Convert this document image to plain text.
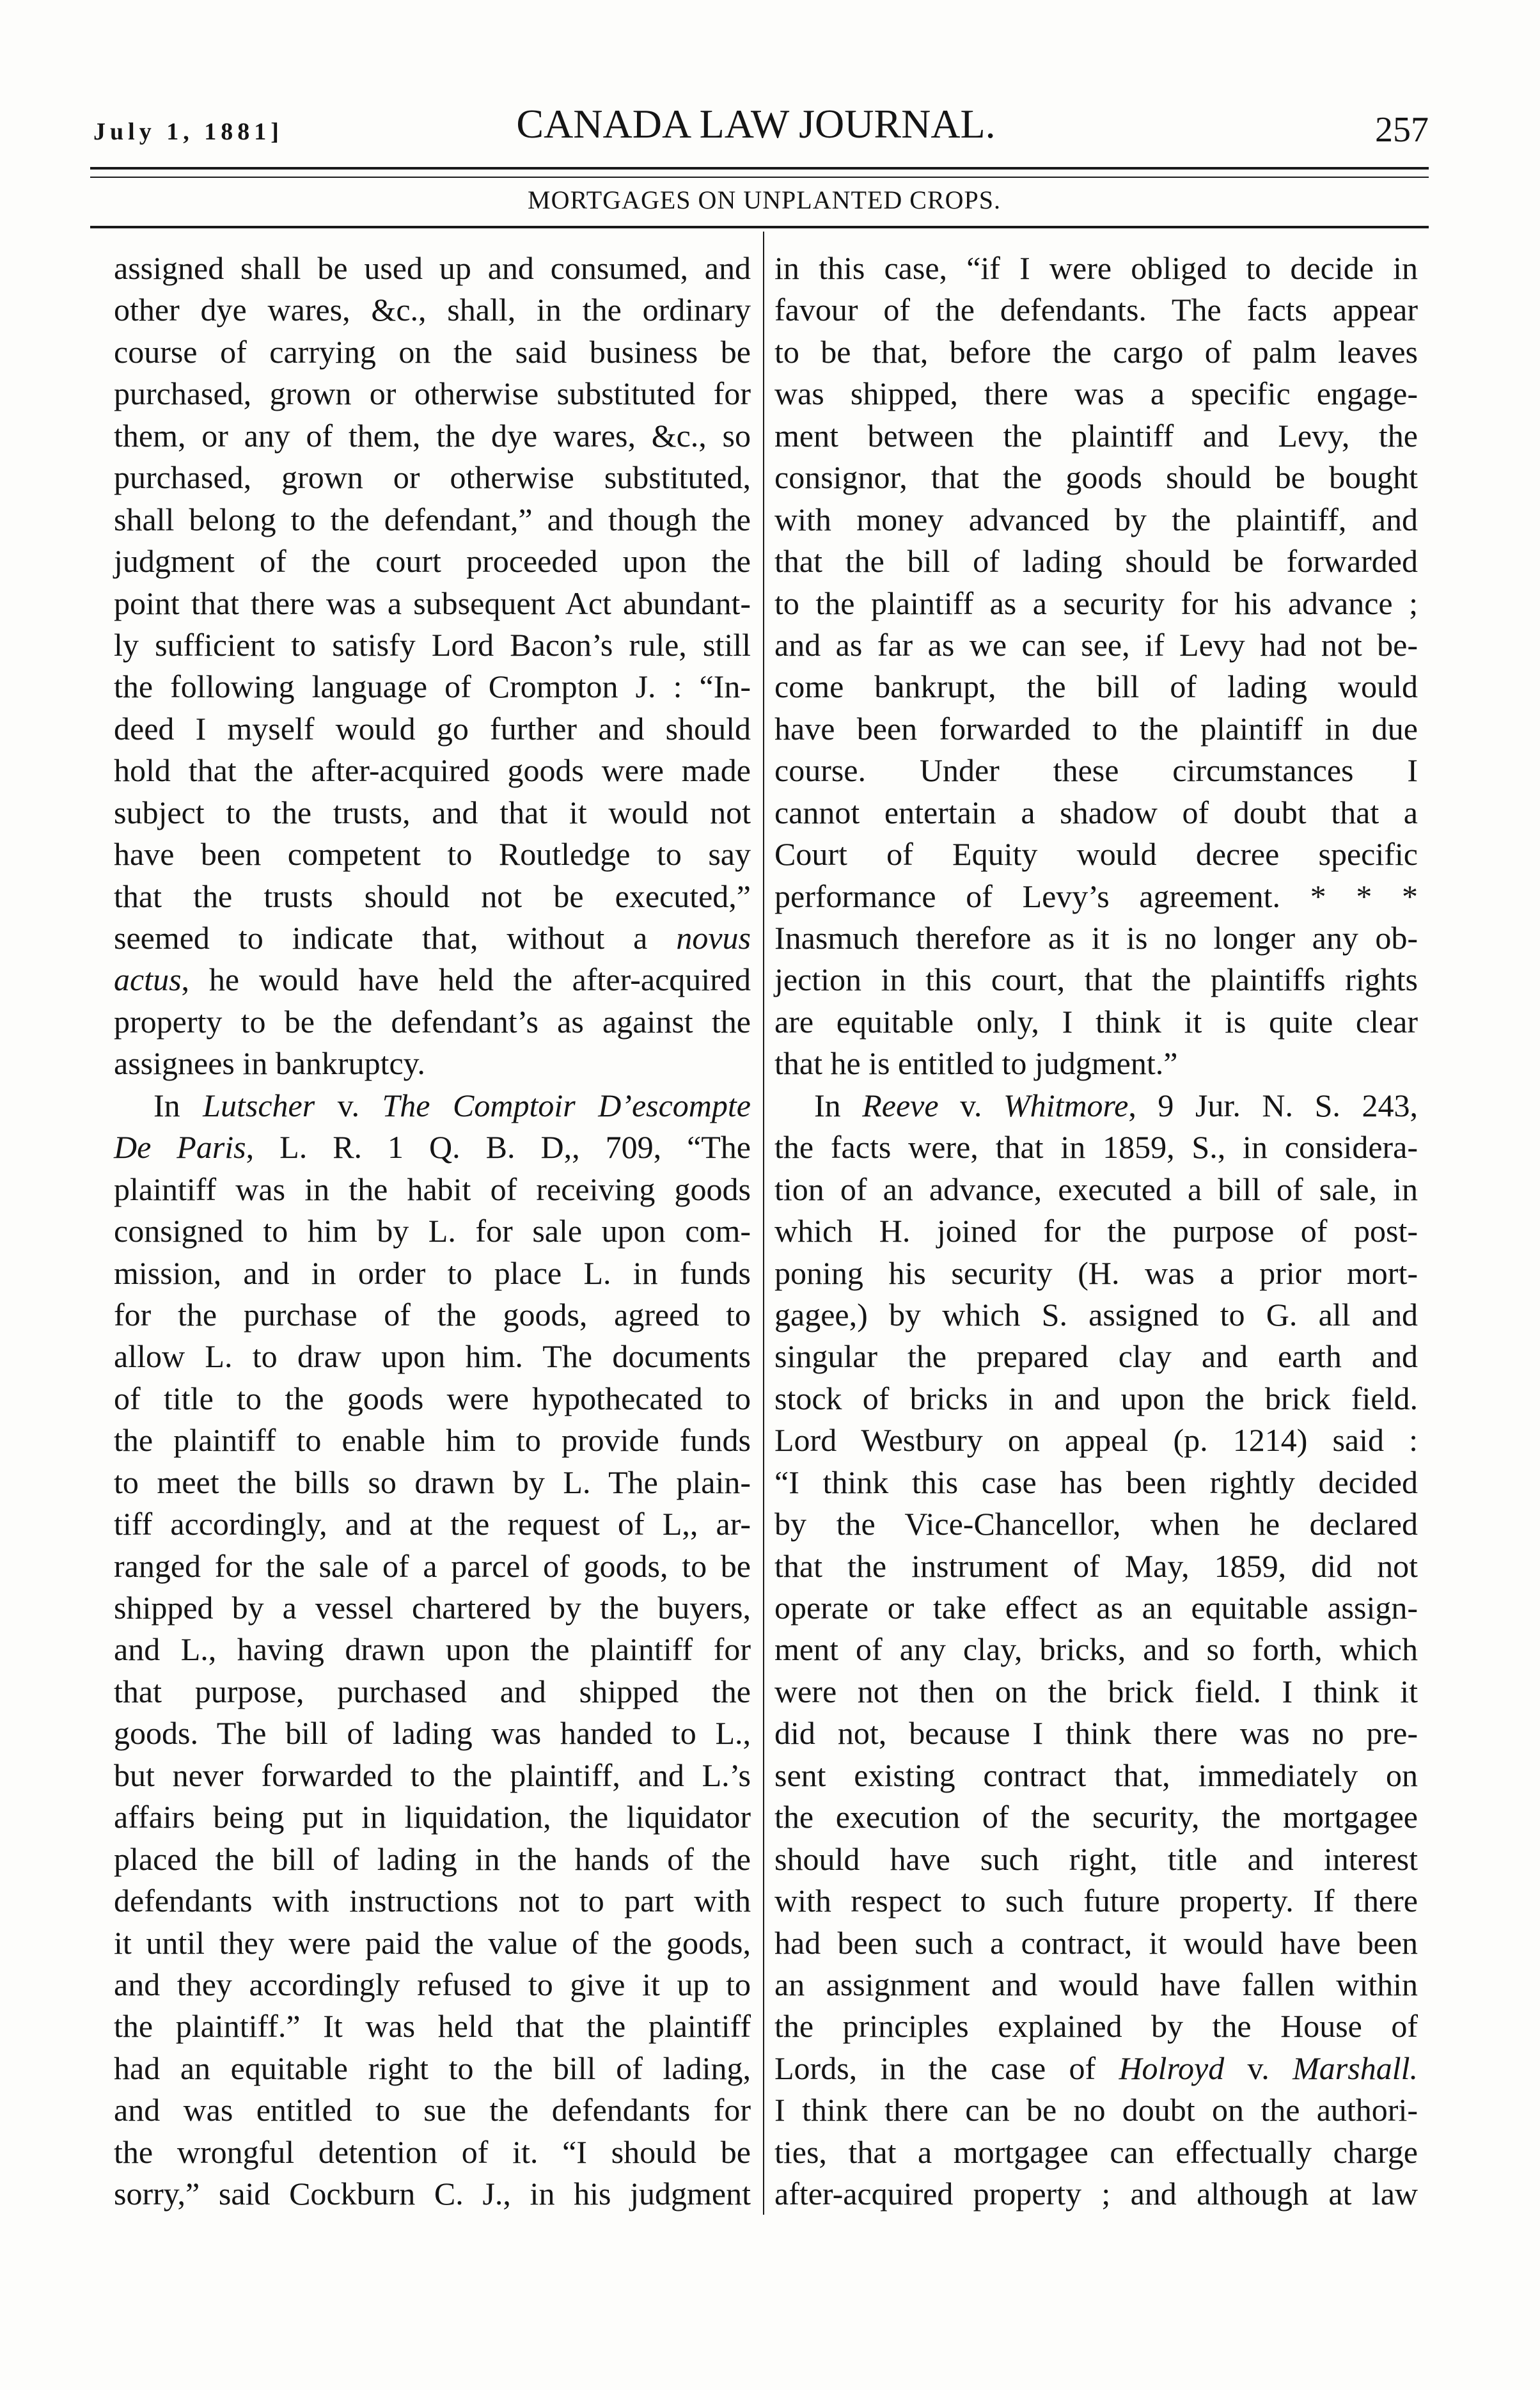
July 1, 1881]	CANADA LAW JOURNAL.	257
MORTGAGES ON UNPLANTED CROPS.
assigned shall be used up and consumed, and
other dye wares, &c., shall, in the ordinary
course of carrying on the said business be
purchased, grown or otherwise substituted for
them, or any of them, the dye wares, &c., so
purchased, grown or otherwise substituted,
shall belong to the defendant,” and though the
judgment of the court proceeded upon the
point that there was a subsequent Act abundant-
ly sufficient to satisfy Lord Bacon’s rule, still
the following language of Crompton J. : “In-
deed I myself would go further and should
hold that the after-acquired goods were made
subject to the trusts, and that it would not
have been competent to Routledge to say
that the trusts should not be executed,”
seemed to indicate that, without a novus
actus, he would have held the after-acquired
property to be the defendant’s as against the
assignees in bankruptcy.
In Lutscher v. The Comptoir D’escompte
De Paris, L. R. 1 Q. B. D,, 709, “The
plaintiff was in the habit of receiving goods
consigned to him by L. for sale upon com-
mission, and in order to place L. in funds
for the purchase of the goods, agreed to
allow L. to draw upon him. The documents
of title to the goods were hypothecated to
the plaintiff to enable him to provide funds
to meet the bills so drawn by L. The plain-
tiff accordingly, and at the request of L,, ar-
ranged for the sale of a parcel of goods, to be
shipped by a vessel chartered by the buyers,
and L., having drawn upon the plaintiff for
that purpose, purchased and shipped the
goods. The bill of lading was handed to L.,
but never forwarded to the plaintiff, and L.’s
affairs being put in liquidation, the liquidator
placed the bill of lading in the hands of the
defendants with instructions not to part with
it until they were paid the value of the goods,
and they accordingly refused to give it up to
the plaintiff.” It was held that the plaintiff
had an equitable right to the bill of lading,
and was entitled to sue the defendants for
the wrongful detention of it. “I should be
sorry,” said Cockburn C. J., in his judgment
in this case, “if I were obliged to decide in
favour of the defendants. The facts appear
to be that, before the cargo of palm leaves
was shipped, there was a specific engage-
ment between the plaintiff and Levy, the
consignor, that the goods should be bought
with money advanced by the plaintiff, and
that the bill of lading should be forwarded
to the plaintiff as a security for his advance ;
and as far as we can see, if Levy had not be-
come bankrupt, the bill of lading would
have been forwarded to the plaintiff in due
course. Under these circumstances I
cannot entertain a shadow of doubt that a
Court of Equity would decree specific
performance of Levy’s agreement. * * *
Inasmuch therefore as it is no longer any ob-
jection in this court, that the plaintiffs rights
are equitable only, I think it is quite clear
that he is entitled to judgment.”
In Reeve v. Whitmore, 9 Jur. N. S. 243,
the facts were, that in 1859, S., in considera-
tion of an advance, executed a bill of sale, in
which H. joined for the purpose of post-
poning his security (H. was a prior mort-
gagee,) by which S. assigned to G. all and
singular the prepared clay and earth and
stock of bricks in and upon the brick field.
Lord Westbury on appeal (p. 1214) said :
“I think this case has been rightly decided
by the Vice-Chancellor, when he declared
that the instrument of May, 1859, did not
operate or take effect as an equitable assign-
ment of any clay, bricks, and so forth, which
were not then on the brick field. I think it
did not, because I think there was no pre-
sent existing contract that, immediately on
the execution of the security, the mortgagee
should have such right, title and interest
with respect to such future property. If there
had been such a contract, it would have been
an assignment and would have fallen within
the principles explained by the House of
Lords, in the case of Holroyd v. Marshall.
I think there can be no doubt on the authori-
ties, that a mortgagee can effectually charge
after-acquired property ; and although at law
